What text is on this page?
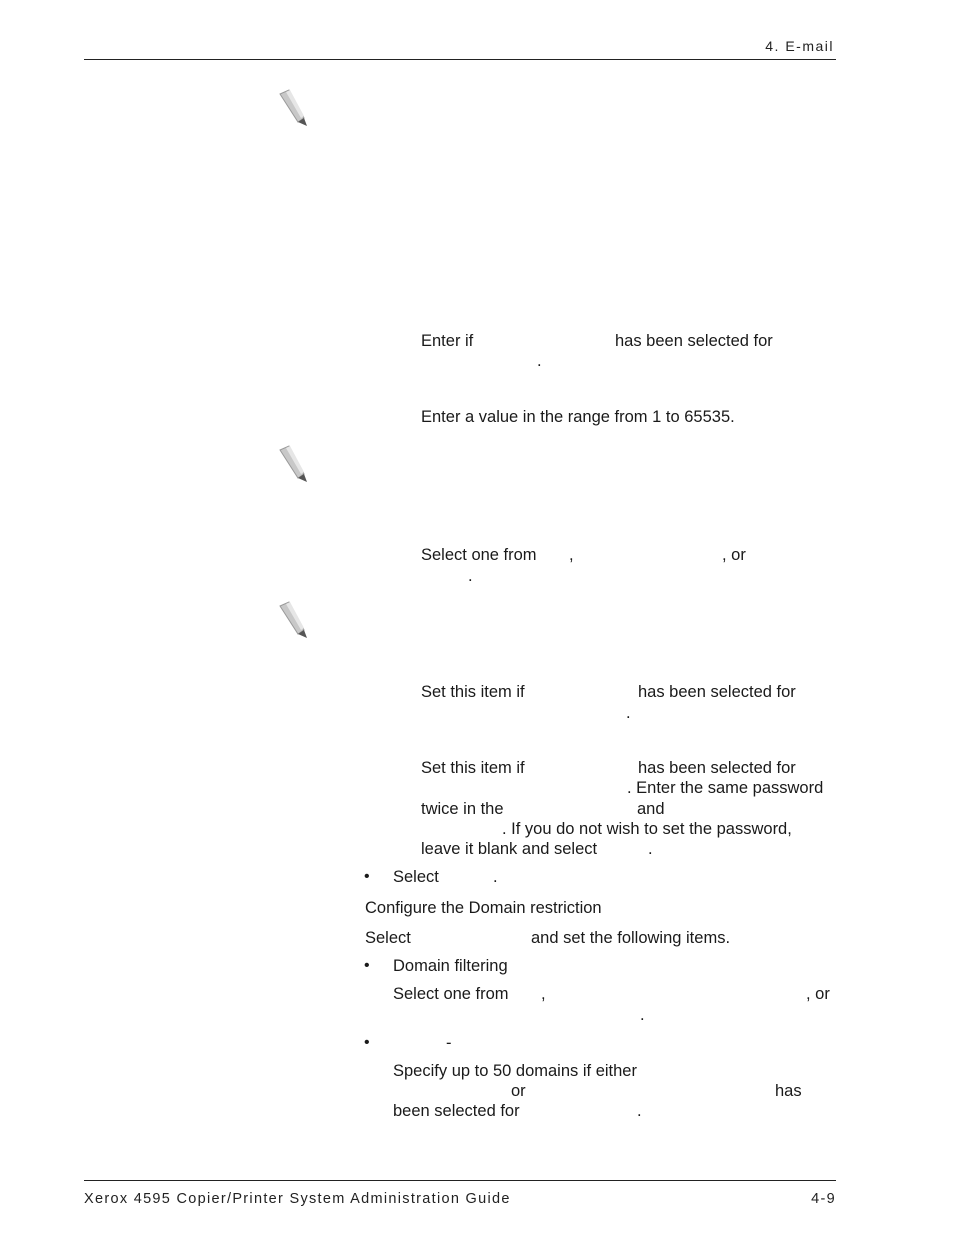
4. E-mail
Enter if	has been selected for
.
Enter a value in the range from 1 to 65535.
Select one from ,	, or
.
Set this item if	has been selected for
.
Set this item if	has been selected for
. Enter the same password
twice in the	and
. If you do not wish to set the password,
leave it blank and select	.
• Select	.
Configure the Domain restriction
Select	and set the following items.
• Domain filtering
Select one from ,	, or
.
•	-
Specify up to 50 domains if either
or	has
been selected for	.
Xerox 4595 Copier/Printer System Administration Guide	4-9
